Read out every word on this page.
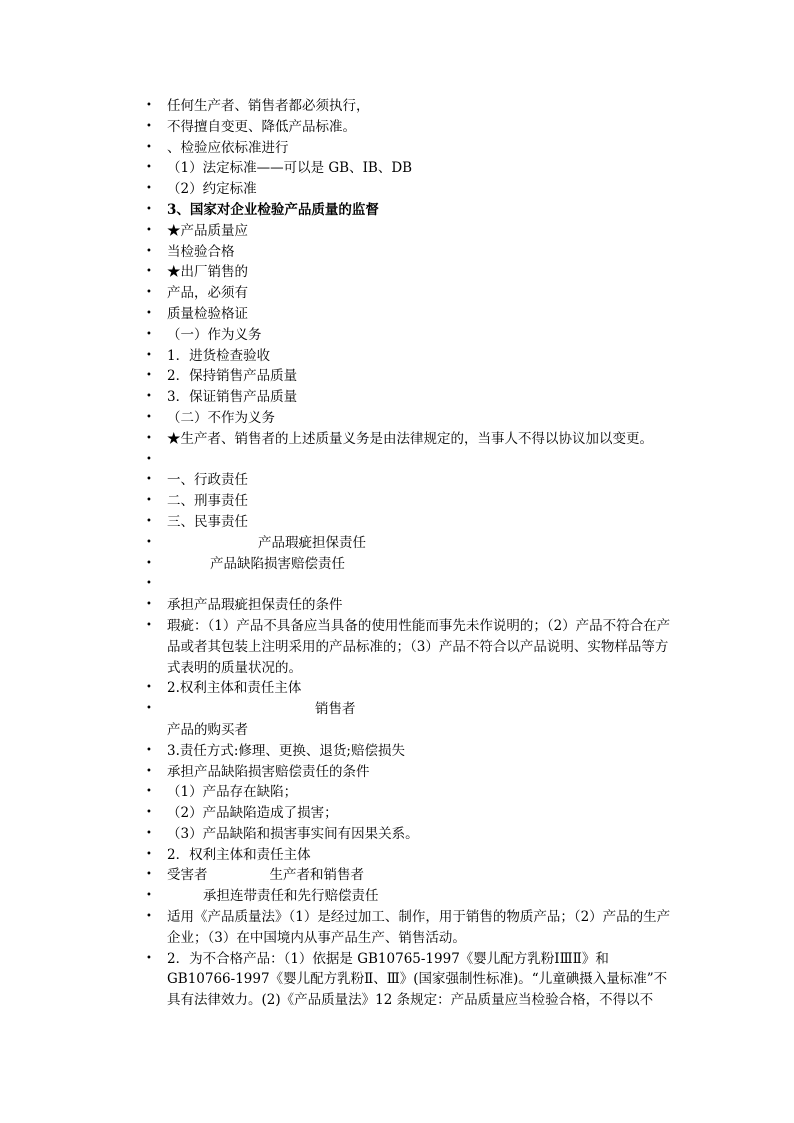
• 任何生产者、销售者都必须执行，
• 不得擅自变更、降低产品标准。
• 、检验应依标准进行
• （1）法定标准——可以是 GB、IB、DB
• （2）约定标准
• 3、国家对企业检验产品质量的监督
• ★产品质量应
• 当检验合格
• ★出厂销售的
• 产品，必须有
• 质量检验格证
• （一）作为义务
• 1．进货检查验收
• 2．保持销售产品质量
• 3．保证销售产品质量
• （二）不作为义务
• ★生产者、销售者的上述质量义务是由法律规定的，当事人不得以协议加以变更。
•
• 一、行政责任
• 二、刑事责任
• 三、民事责任
•	产品瑕疵担保责任
•	产品缺陷损害赔偿责任
•
• 承担产品瑕疵担保责任的条件
• 瑕疵：（1）产品不具备应当具备的使用性能而事先未作说明的；（2）产品不符合在产品或者其包装上注明采用的产品标准的；（3）产品不符合以产品说明、实物样品等方式表明的质量状况的。
• 2.权利主体和责任主体
•	销售者
产品的购买者
• 3.责任方式:修理、更换、退货;赔偿损失
• 承担产品缺陷损害赔偿责任的条件
• （1）产品存在缺陷；
• （2）产品缺陷造成了损害；
• （3）产品缺陷和损害事实间有因果关系。
• 2．权利主体和责任主体
• 受害者	生产者和销售者
•	承担连带责任和先行赔偿责任
• 适用《产品质量法》（1）是经过加工、制作，用于销售的物质产品；（2）产品的生产企业；（3）在中国境内从事产品生产、销售活动。
• 2．为不合格产品：（1）依据是 GB10765-1997《婴儿配方乳粉ⅠⅢⅡ》和 GB10766-1997《婴儿配方乳粉Ⅱ、Ⅲ》(国家强制性标准)。“儿童碘摄入量标准”不具有法律效力。(2)《产品质量法》12 条规定：产品质量应当检验合格，不得以不
